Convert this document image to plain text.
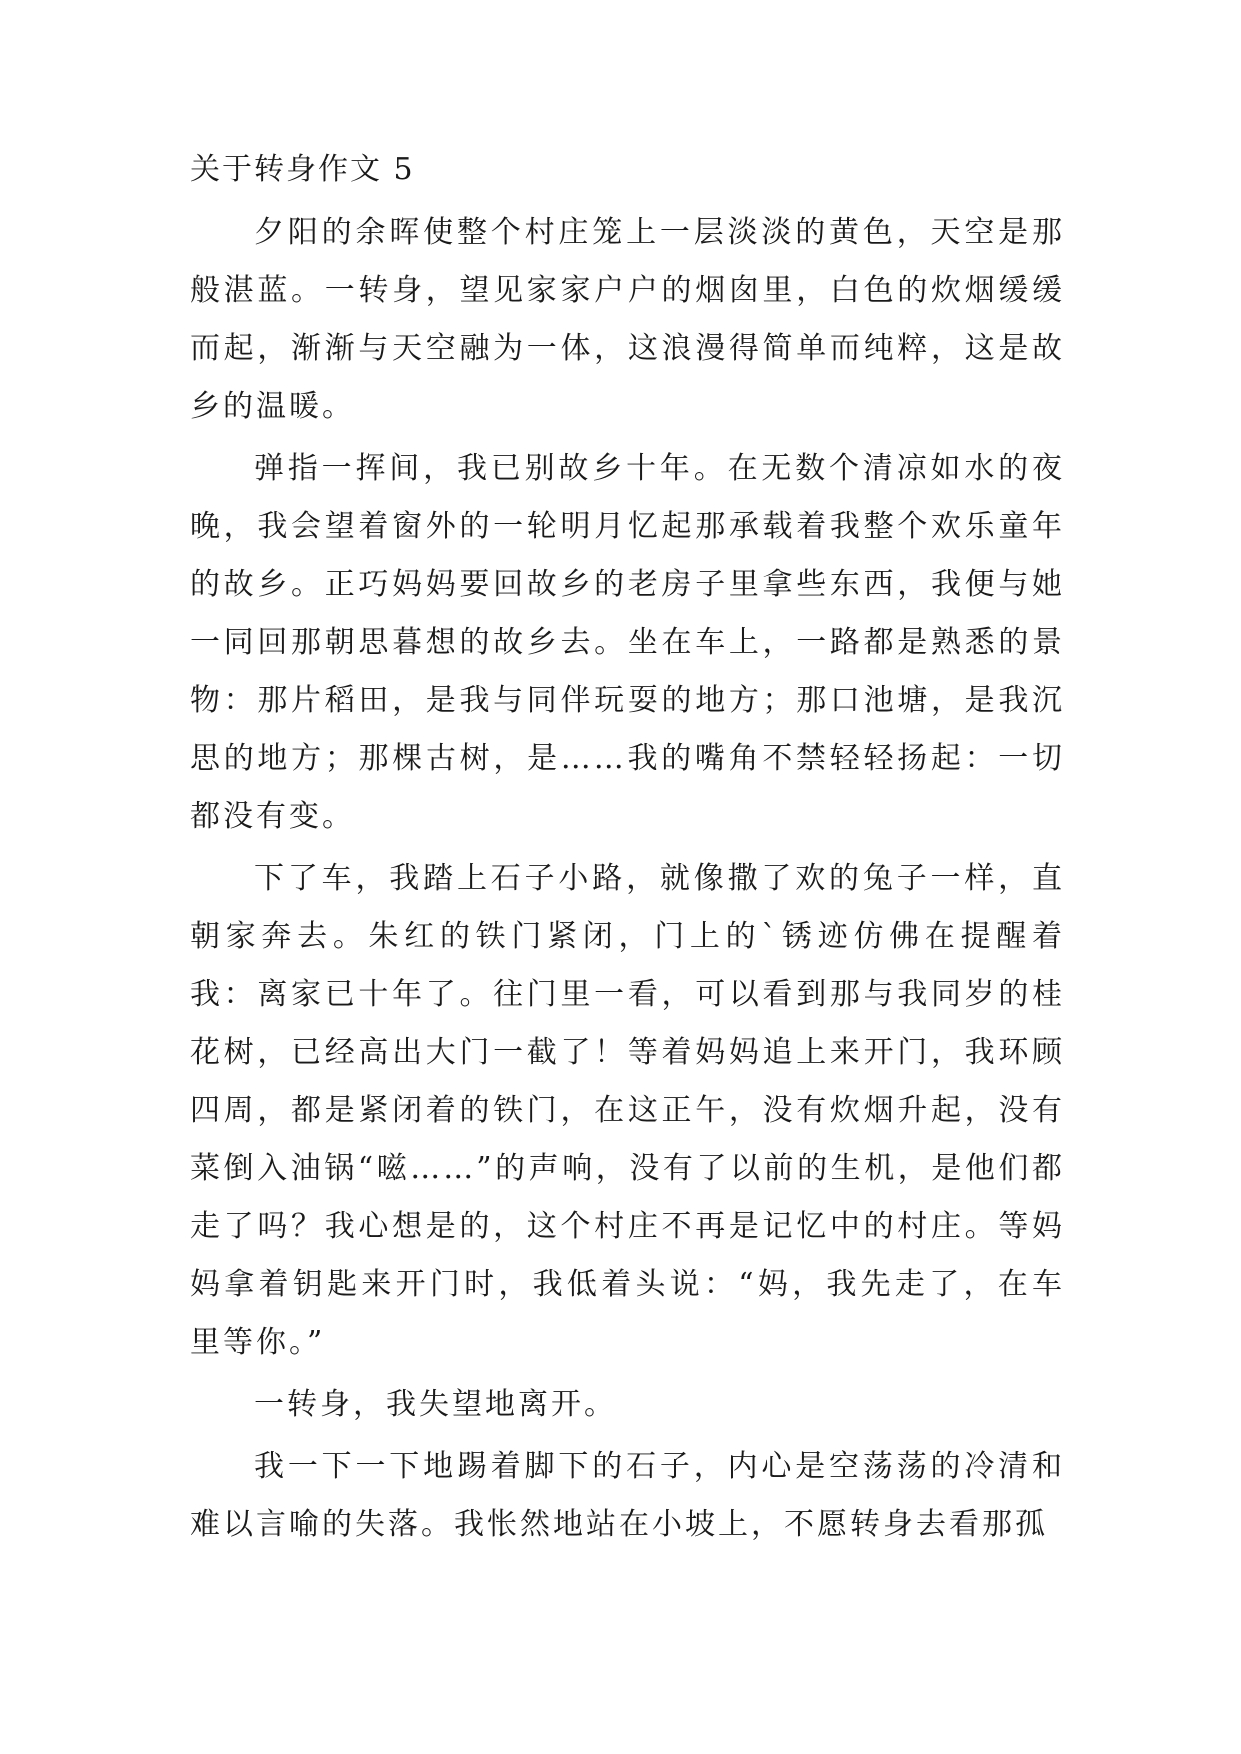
关于转身作文 5

夕阳的余晖使整个村庄笼上一层淡淡的黄色，天空是那般湛蓝。一转身，望见家家户户的烟囱里，白色的炊烟缓缓而起，渐渐与天空融为一体，这浪漫得简单而纯粹，这是故乡的温暖。

弹指一挥间，我已别故乡十年。在无数个清凉如水的夜晚，我会望着窗外的一轮明月忆起那承载着我整个欢乐童年的故乡。正巧妈妈要回故乡的老房子里拿些东西，我便与她一同回那朝思暮想的故乡去。坐在车上，一路都是熟悉的景物：那片稻田，是我与同伴玩耍的地方；那口池塘，是我沉思的地方；那棵古树，是……我的嘴角不禁轻轻扬起：一切都没有变。

下了车，我踏上石子小路，就像撒了欢的兔子一样，直朝家奔去。朱红的铁门紧闭，门上的`锈迹仿佛在提醒着我：离家已十年了。往门里一看，可以看到那与我同岁的桂花树，已经高出大门一截了！等着妈妈追上来开门，我环顾四周，都是紧闭着的铁门，在这正午，没有炊烟升起，没有菜倒入油锅“嗞……”的声响，没有了以前的生机，是他们都走了吗？我心想是的，这个村庄不再是记忆中的村庄。等妈妈拿着钥匙来开门时，我低着头说：“妈，我先走了，在车里等你。”

一转身，我失望地离开。

我一下一下地踢着脚下的石子，内心是空荡荡的冷清和难以言喻的失落。我怅然地站在小坡上，不愿转身去看那孤
